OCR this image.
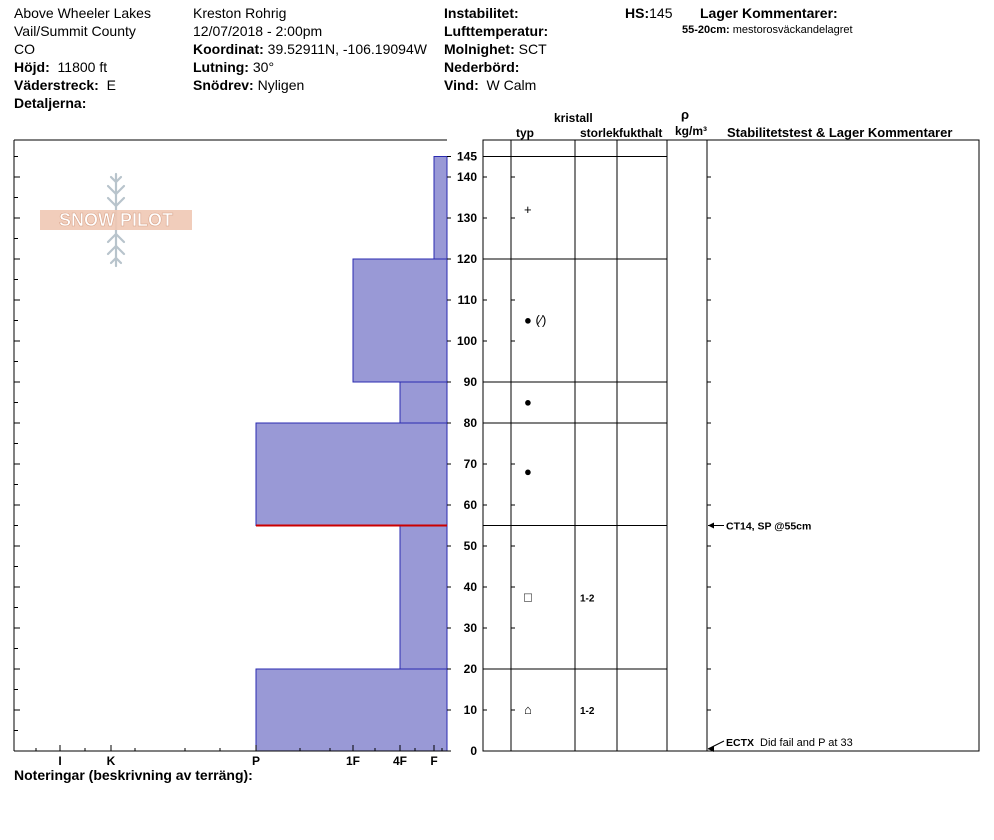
Above Wheeler Lakes
Vail/Summit County
CO
Höjd: 11800 ft
Väderstreck: E
Detaljerna:
Kreston Rohrig
12/07/2018 - 2:00pm
Koordinat: 39.52911N, -106.19094W
Lutning: 30°
Snödrev: Nyligen
Instabilitet:
Lufttemperatur:
Molnighet: SCT
Nederbörd:
Vind: W Calm
HS:145 Lager Kommentarer:
55-20cm: mestorosväckandelagret
kristall
typ	storlek fukthalt
ρ
kg/m³ Stabilitetstest & Lager Kommentarer
Noteringar (beskrivning av terräng):
SNOW PILOT
I	K	P	1F	4F F
0
10
20
30
40
50
60
70
80
90
100
110
120
130
140
145
+
● (⁄)
●
●
□	1-2
⌂	1-2
CT14, SP @55cm
ECTX Did fail and P at 33
